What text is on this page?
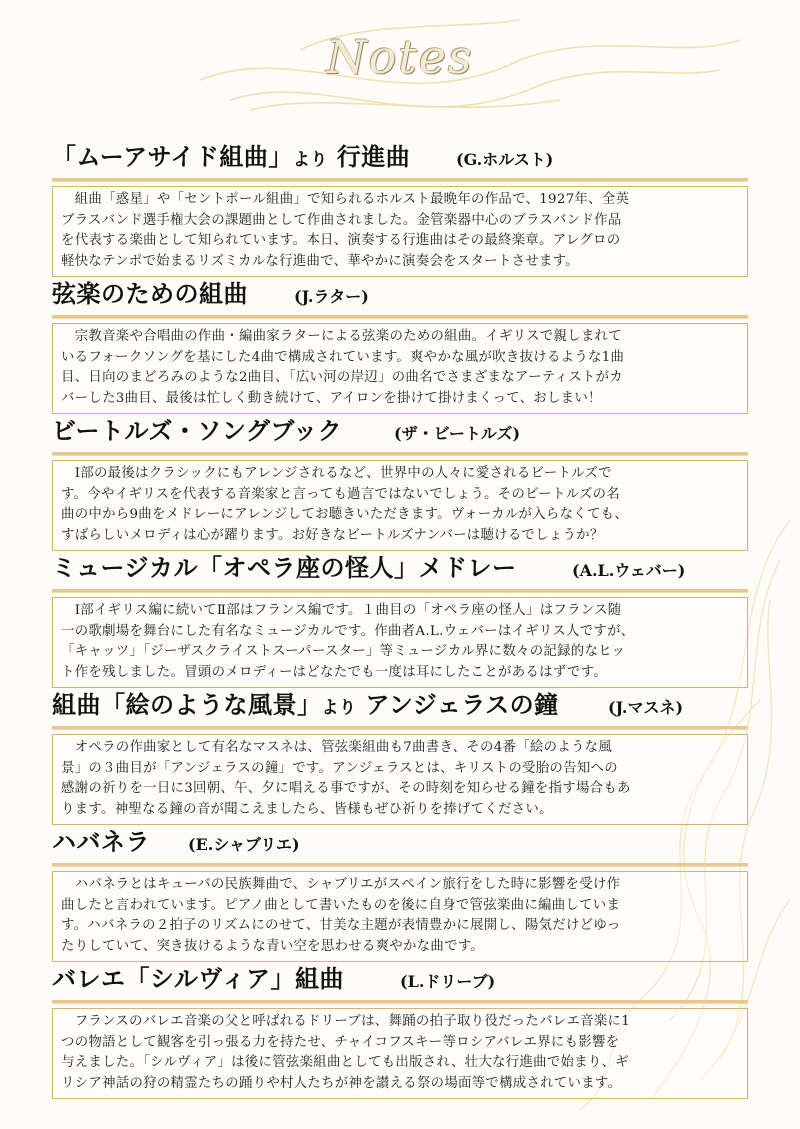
Notes
「ムーアサイド組曲」より 行進曲	(G.ホルスト)
　組曲「惑星」や「セントポール組曲」で知られるホルスト最晩年の作品で、1927年、全英
ブラスバンド選手権大会の課題曲として作曲されました。金管楽器中心のブラスバンド作品
を代表する楽曲として知られています。本日、演奏する行進曲はその最終楽章。アレグロの
軽快なテンポで始まるリズミカルな行進曲で、華やかに演奏会をスタートさせます。
弦楽のための組曲	(J.ラター)
　宗教音楽や合唱曲の作曲・編曲家ラターによる弦楽のための組曲。イギリスで親しまれて
いるフォークソングを基にした4曲で構成されています。爽やかな風が吹き抜けるような1曲
目、日向のまどろみのような2曲目、「広い河の岸辺」の曲名でさまざまなアーティストがカ
バーした3曲目、最後は忙しく動き続けて、アイロンを掛けて掛けまくって、おしまい！
ビートルズ・ソングブック	(ザ・ビートルズ)
　Ⅰ部の最後はクラシックにもアレンジされるなど、世界中の人々に愛されるビートルズで
す。今やイギリスを代表する音楽家と言っても過言ではないでしょう。そのビートルズの名
曲の中から9曲をメドレーにアレンジしてお聴きいただきます。ヴォーカルが入らなくても、
すばらしいメロディは心が躍ります。お好きなビートルズナンバーは聴けるでしょうか？
ミュージカル「オペラ座の怪人」メドレー	(A.L.ウェバー)
　Ⅰ部イギリス編に続いてⅡ部はフランス編です。１曲目の「オペラ座の怪人」はフランス随
一の歌劇場を舞台にした有名なミュージカルです。作曲者A.L.ウェバーはイギリス人ですが、
「キャッツ」「ジーザスクライストスーパースター」等ミュージカル界に数々の記録的なヒッ
ト作を残しました。冒頭のメロディーはどなたでも一度は耳にしたことがあるはずです。
組曲「絵のような風景」より アンジェラスの鐘	(J.マスネ)
　オペラの作曲家として有名なマスネは、管弦楽組曲も7曲書き、その4番「絵のような風
景」の３曲目が「アンジェラスの鐘」です。アンジェラスとは、キリストの受胎の告知への
感謝の祈りを一日に3回朝、午、夕に唱える事ですが、その時刻を知らせる鐘を指す場合もあ
ります。神聖なる鐘の音が聞こえましたら、皆様もぜひ祈りを捧げてください。
ハバネラ (E.シャブリエ)
　ハバネラとはキューバの民族舞曲で、シャブリエがスペイン旅行をした時に影響を受け作
曲したと言われています。ピアノ曲として書いたものを後に自身で管弦楽曲に編曲していま
す。ハバネラの２拍子のリズムにのせて、甘美な主題が表情豊かに展開し、陽気だけどゆっ
たりしていて、突き抜けるような青い空を思わせる爽やかな曲です。
バレエ「シルヴィア」組曲	(L.ドリーブ)
　フランスのバレエ音楽の父と呼ばれるドリーブは、舞踊の拍子取り役だったバレエ音楽に1
つの物語として観客を引っ張る力を持たせ、チャイコフスキー等ロシアバレエ界にも影響を
与えました。「シルヴィア」は後に管弦楽組曲としても出版され、壮大な行進曲で始まり、ギ
リシア神話の狩の精霊たちの踊りや村人たちが神を讃える祭の場面等で構成されています。
